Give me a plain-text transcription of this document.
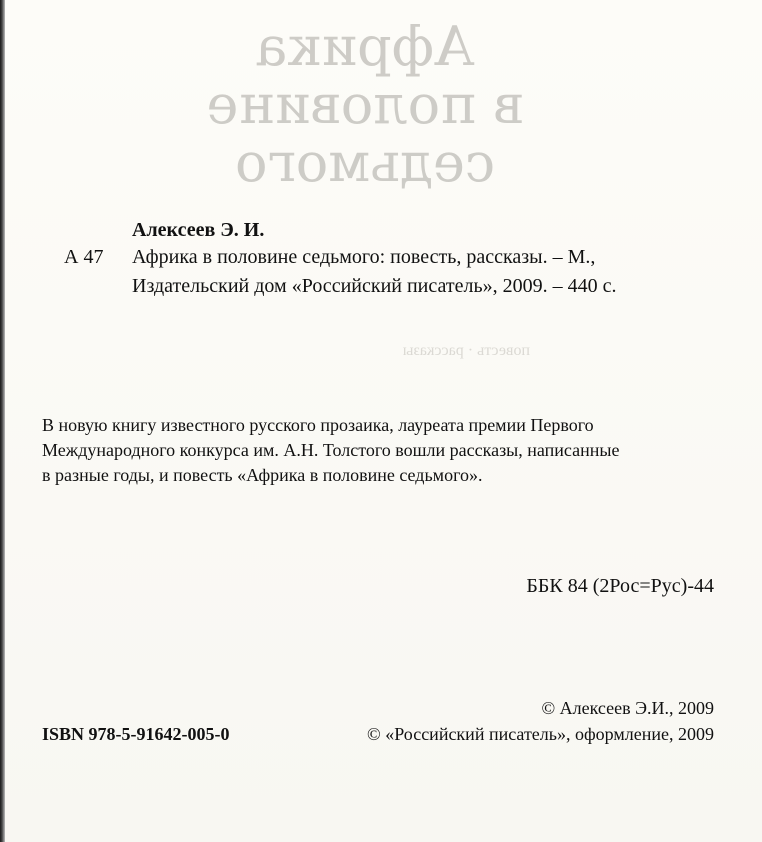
Африка
в половине
седьмого
повесть · рассказы
Алексеев Э. И.
А 47 Африка в половине седьмого: повесть, рассказы. – М.,
Издательский дом «Российский писатель», 2009. – 440 с.
В новую книгу известного русского прозаика, лауреата премии Первого
Международного конкурса им. А.Н. Толстого вошли рассказы, написанные
в разные годы, и повесть «Африка в половине седьмого».
ББК 84 (2Рос=Рус)-44
© Алексеев Э.И., 2009
ISBN 978-5-91642-005-0	© «Российский писатель», оформление, 2009
